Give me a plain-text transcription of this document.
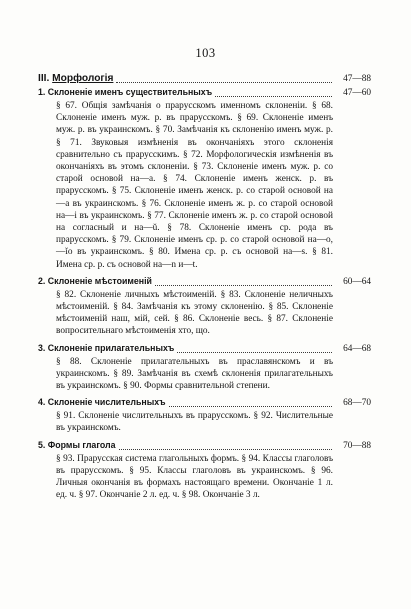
103
III. Морфологія	47—88
1. Склоненіе именъ существительныхъ	47—60
§ 67. Общія замѣчанія о праруccкомъ именномъ склоненіи. § 68. Склоненіе именъ муж. р. въ праруccкомъ. § 69. Склоненіе именъ муж. р. въ украинскомъ. § 70. Замѣчанія къ склоненію именъ муж. р. § 71. Звуковыя измѣненія въ окончаніяхъ этого склоненія сравнительно съ праруccкимъ. § 72. Морфологическія измѣненія въ окончаніяхъ въ этомъ склоненіи. § 73. Склоненіе именъ муж. р. со старой основой на—а. § 74. Склоненіе именъ женск. р. въ праруccкомъ. § 75. Склоненіе именъ женск. р. со старой основой на—а въ украинскомъ. § 76. Склоненіе именъ ж. р. со старой основой на—і въ украинскомъ. § 77. Склоненіе именъ ж. р. со старой основой на согласный и на—ŭ. § 78. Склоненіе именъ ср. рода въ праруccкомъ. § 79. Склоненіе именъ ср. р. со старой основой на—о,—ǐо въ украинскомъ. § 80. Имена ср. р. съ основой на—s. § 81. Имена ср. р. съ основой на—n и—t.
2. Склоненіе мѣстоименій	60—64
§ 82. Склоненіе личныхъ мѣстоименій. § 83. Склоненіе неличныхъ мѣстоименій. § 84. Замѣчанія къ этому склоненію. § 85. Склоненіе мѣстоименій наш, мій, сей. § 86. Склоненіе весь. § 87. Склоненіе вопросительнаго мѣстоименія хто, що.
3. Склоненіе прилагательныхъ	64—68
§ 88. Склоненіе прилагательныхъ въ праславянскомъ и въ украинскомъ. § 89. Замѣчанія въ схемѣ склоненія прилагательныхъ въ украинскомъ. § 90. Формы сравнительной степени.
4. Склоненіе числительныхъ	68—70
§ 91. Склоненіе числительныхъ въ праруccкомъ. § 92. Числительные въ украинскомъ.
5. Формы глагола	70—88
§ 93. Праруccкая система глагольныхъ формъ. § 94. Классы глаголовъ въ праруccкомъ. § 95. Классы глаголовъ въ украинскомъ. § 96. Личныя окончанія въ формахъ настоящаго времени. Окончаніе 1 л. ед. ч. § 97. Окончаніе 2 л. ед. ч. § 98. Окончаніе 3 л.
